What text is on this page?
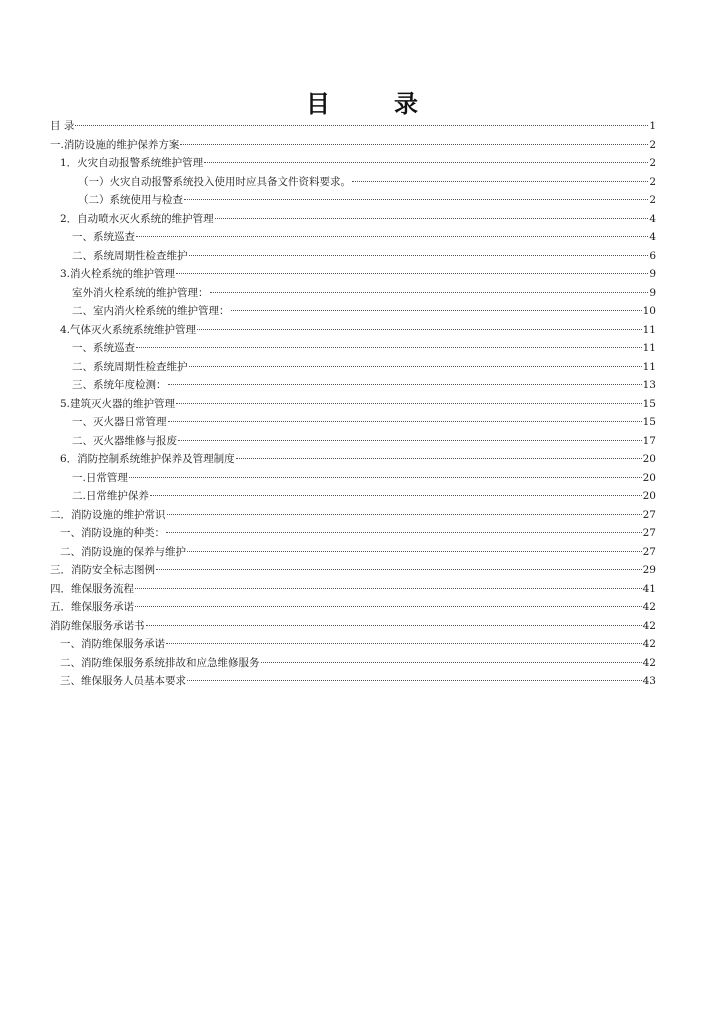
目	录
目 录	1
一.消防设施的维护保养方案	2
1．火灾自动报警系统维护管理	2
（一）火灾自动报警系统投入使用时应具备文件资料要求。	2
（二）系统使用与检查	2
2．自动喷水灭火系统的维护管理	4
一、系统巡查	4
二、系统周期性检查维护	6
3.消火栓系统的维护管理	9
室外消火栓系统的维护管理：	9
二、室内消火栓系统的维护管理：	10
4.气体灭火系统系统维护管理	11
一、系统巡查	11
二、系统周期性检查维护	11
三、系统年度检测：	13
5.建筑灭火器的维护管理	15
一、灭火器日常管理	15
二、灭火器维修与报废	17
6．消防控制系统维护保养及管理制度	20
一.日常管理	20
二.日常维护保养	20
二．消防设施的维护常识	27
一、消防设施的种类：	27
二、消防设施的保养与维护	27
三．消防安全标志图例	29
四．维保服务流程	41
五．维保服务承诺	42
消防维保服务承诺书	42
一、消防维保服务承诺	42
二、消防维保服务系统排故和应急维修服务	42
三、维保服务人员基本要求	43
